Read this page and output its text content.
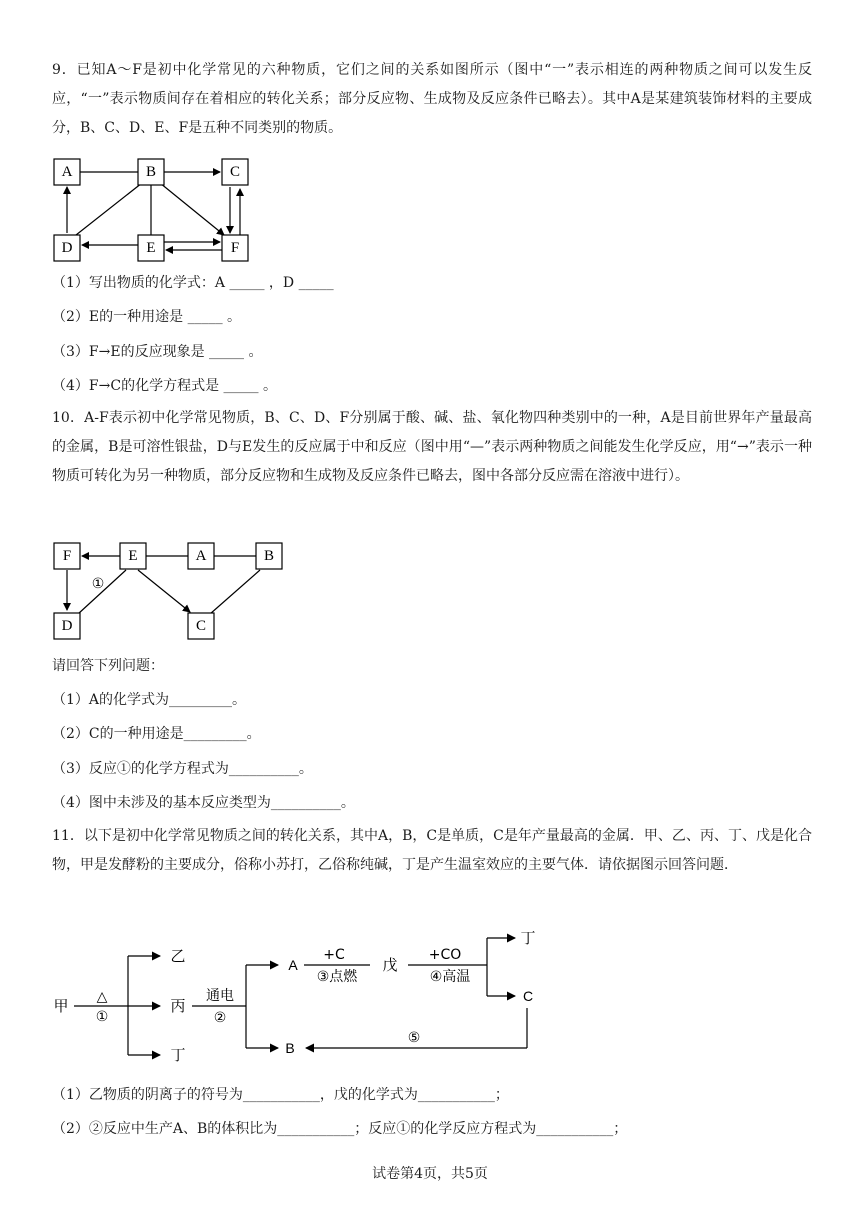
9．已知A～F是初中化学常见的六种物质，它们之间的关系如图所示（图中“一”表示相连的两种物质之间可以发生反应，“一”表示物质间存在着相应的转化关系；部分反应物、生成物及反应条件已略去）。其中A是某建筑装饰材料的主要成分，B、C、D、E、F是五种不同类别的物质。

A	B	C
D	E	F
（1）写出物质的化学式：A _____ ，D _____
（2）E的一种用途是 _____ 。
（3）F→E的反应现象是 _____ 。
（4）F→C的化学方程式是 _____ 。

10．A-F表示初中化学常见物质，B、C、D、F分别属于酸、碱、盐、氧化物四种类别中的一种，A是目前世界年产量最高的金属，B是可溶性银盐，D与E发生的反应属于中和反应（图中用“—”表示两种物质之间能发生化学反应，用“→”表示一种物质可转化为另一种物质，部分反应物和生成物及反应条件已略去，图中各部分反应需在溶液中进行）。

①
F	E	A	B
D	C
请回答下列问题：
（1）A的化学式为_________。
（2）C的一种用途是_________。
（3）反应①的化学方程式为__________。
（4）图中未涉及的基本反应类型为__________。

11．以下是初中化学常见物质之间的转化关系，其中A，B，C是单质，C是年产量最高的金属．甲、乙、丙、丁、戊是化合物，甲是发酵粉的主要成分，俗称小苏打，乙俗称纯碱，丁是产生温室效应的主要气体．请依据图示回答问题．

甲 △
①
乙
丙
丁
通电
②
A
B
+C
③点燃
戊
+CO
④高温
丁
C
⑤
（1）乙物质的阴离子的符号为___________，戊的化学式为___________；
（2）②反应中生产A、B的体积比为___________；反应①的化学反应方程式为___________；
试卷第4页，共5页
